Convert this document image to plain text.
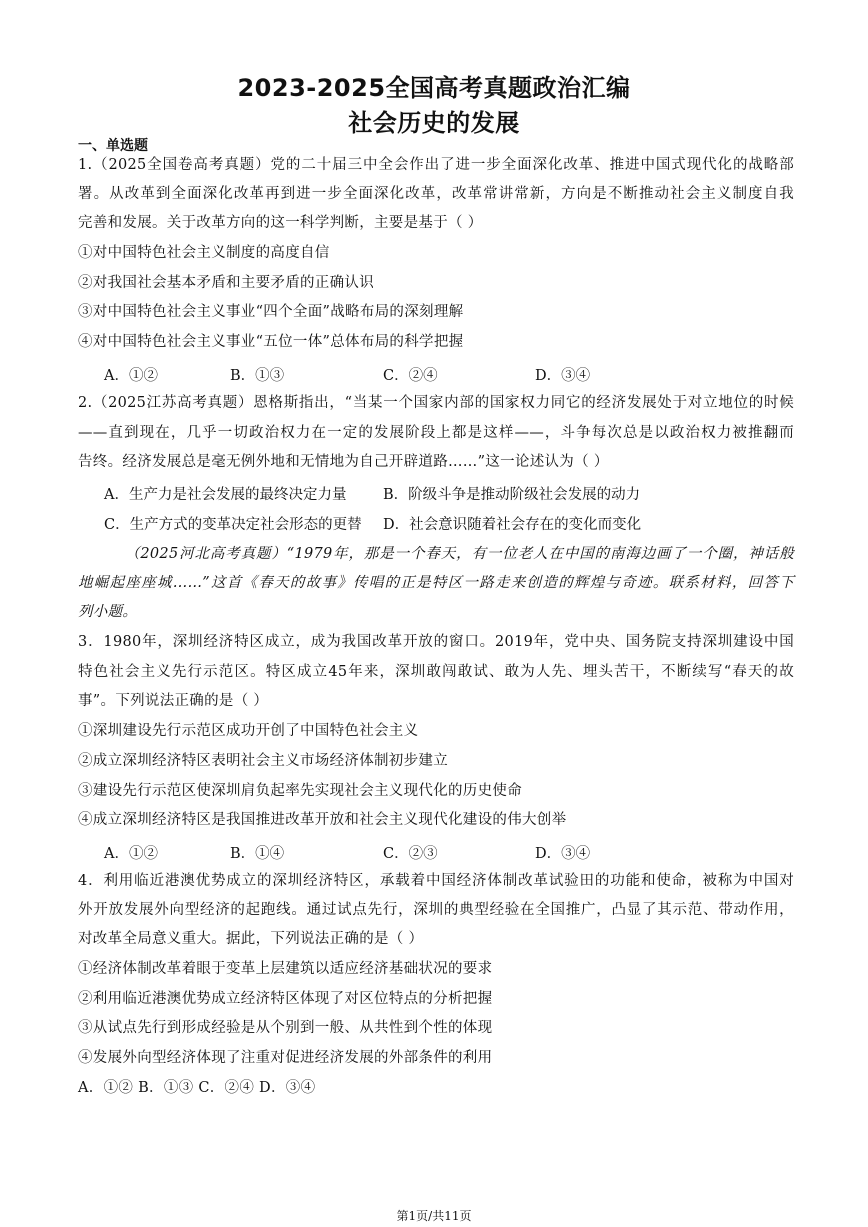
2023-2025全国高考真题政治汇编
社会历史的发展
一、单选题
1.（2025全国卷高考真题）党的二十届三中全会作出了进一步全面深化改革、推进中国式现代化的战略部
署。从改革到全面深化改革再到进一步全面深化改革，改革常讲常新，方向是不断推动社会主义制度自我
完善和发展。关于改革方向的这一科学判断，主要是基于（ ）
①对中国特色社会主义制度的高度自信
②对我国社会基本矛盾和主要矛盾的正确认识
③对中国特色社会主义事业“四个全面”战略布局的深刻理解
④对中国特色社会主义事业“五位一体”总体布局的科学把握
A．①②	B．①③	C．②④	D．③④
2.（2025江苏高考真题）恩格斯指出，“当某一个国家内部的国家权力同它的经济发展处于对立地位的时候
——直到现在，几乎一切政治权力在一定的发展阶段上都是这样——，斗争每次总是以政治权力被推翻而
告终。经济发展总是毫无例外地和无情地为自己开辟道路……”这一论述认为（ ）
A．生产力是社会发展的最终决定力量	B．阶级斗争是推动阶级社会发展的动力
C．生产方式的变革决定社会形态的更替 D．社会意识随着社会存在的变化而变化
（2025河北高考真题）“1979年，那是一个春天，有一位老人在中国的南海边画了一个圈，神话般
地崛起座座城……”这首《春天的故事》传唱的正是特区一路走来创造的辉煌与奇迹。联系材料，回答下
列小题。
3．1980年，深圳经济特区成立，成为我国改革开放的窗口。2019年，党中央、国务院支持深圳建设中国
特色社会主义先行示范区。特区成立45年来，深圳敢闯敢试、敢为人先、埋头苦干，不断续写“春天的故
事”。下列说法正确的是（ ）
①深圳建设先行示范区成功开创了中国特色社会主义
②成立深圳经济特区表明社会主义市场经济体制初步建立
③建设先行示范区使深圳肩负起率先实现社会主义现代化的历史使命
④成立深圳经济特区是我国推进改革开放和社会主义现代化建设的伟大创举
A．①②	B．①④	C．②③	D．③④
4．利用临近港澳优势成立的深圳经济特区，承载着中国经济体制改革试验田的功能和使命，被称为中国对
外开放发展外向型经济的起跑线。通过试点先行，深圳的典型经验在全国推广，凸显了其示范、带动作用，
对改革全局意义重大。据此，下列说法正确的是（ ）
①经济体制改革着眼于变革上层建筑以适应经济基础状况的要求
②利用临近港澳优势成立经济特区体现了对区位特点的分析把握
③从试点先行到形成经验是从个别到一般、从共性到个性的体现
④发展外向型经济体现了注重对促进经济发展的外部条件的利用
A．①② B．①③ C．②④ D．③④
第1页/共11页
